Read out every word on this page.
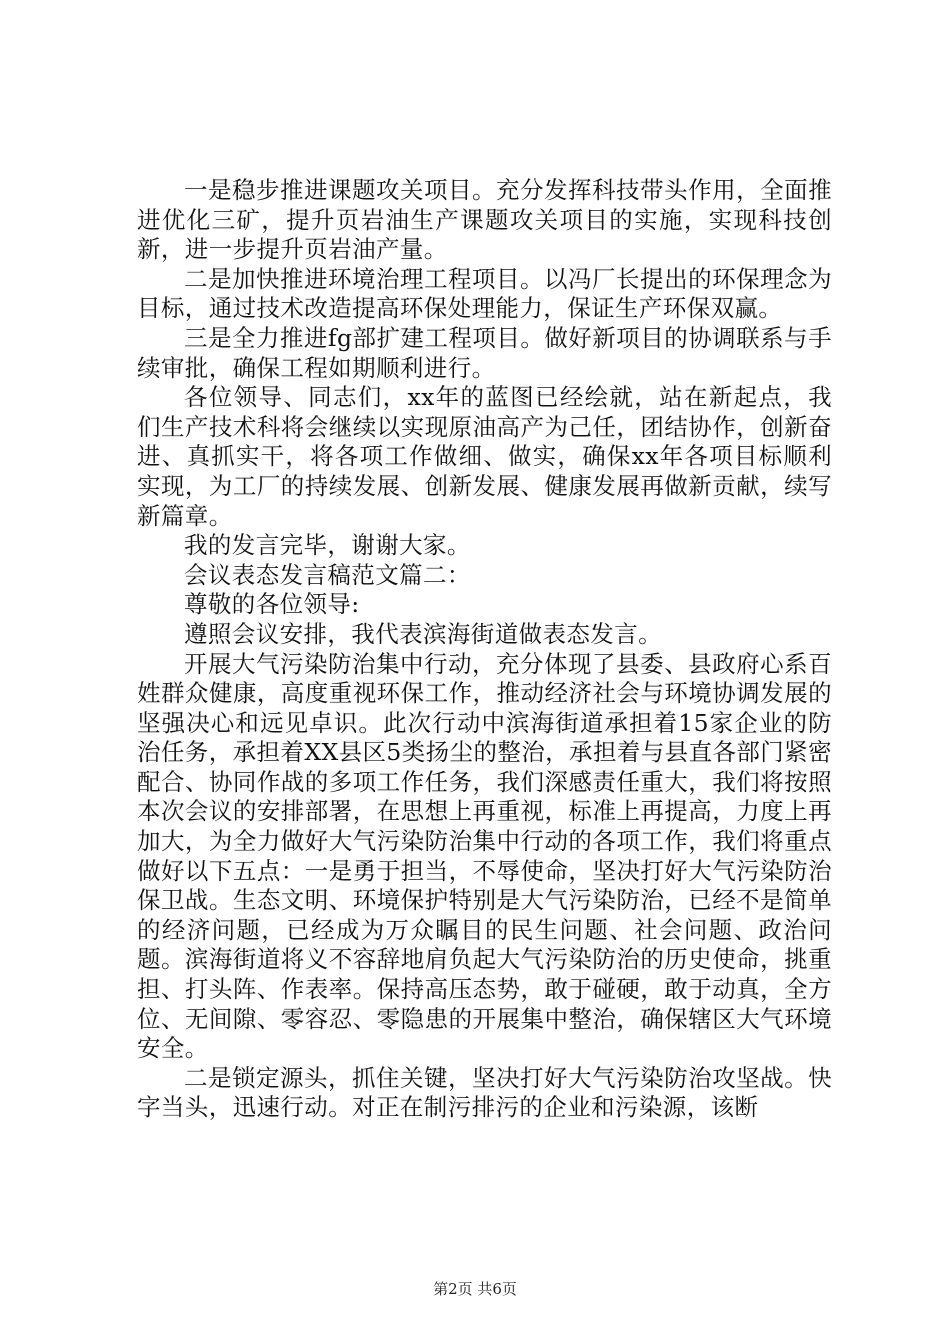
一是稳步推进课题攻关项目。充分发挥科技带头作用，全面推进优化三矿，提升页岩油生产课题攻关项目的实施，实现科技创新，进一步提升页岩油产量。

二是加快推进环境治理工程项目。以冯厂长提出的环保理念为目标，通过技术改造提高环保处理能力，保证生产环保双赢。

三是全力推进fg部扩建工程项目。做好新项目的协调联系与手续审批，确保工程如期顺利进行。

各位领导、同志们，xx年的蓝图已经绘就，站在新起点，我们生产技术科将会继续以实现原油高产为己任，团结协作，创新奋进、真抓实干，将各项工作做细、做实，确保xx年各项目标顺利实现，为工厂的持续发展、创新发展、健康发展再做新贡献，续写新篇章。

我的发言完毕，谢谢大家。

会议表态发言稿范文篇二：

尊敬的各位领导:

遵照会议安排，我代表滨海街道做表态发言。

开展大气污染防治集中行动，充分体现了县委、县政府心系百姓群众健康，高度重视环保工作，推动经济社会与环境协调发展的坚强决心和远见卓识。此次行动中滨海街道承担着15家企业的防治任务，承担着XX县区5类扬尘的整治，承担着与县直各部门紧密配合、协同作战的多项工作任务，我们深感责任重大，我们将按照本次会议的安排部署，在思想上再重视，标准上再提高，力度上再加大，为全力做好大气污染防治集中行动的各项工作，我们将重点做好以下五点：一是勇于担当，不辱使命，坚决打好大气污染防治保卫战。生态文明、环境保护特别是大气污染防治，已经不是简单的经济问题，已经成为万众瞩目的民生问题、社会问题、政治问题。滨海街道将义不容辞地肩负起大气污染防治的历史使命，挑重担、打头阵、作表率。保持高压态势，敢于碰硬，敢于动真，全方位、无间隙、零容忍、零隐患的开展集中整治，确保辖区大气环境安全。

二是锁定源头，抓住关键，坚决打好大气污染防治攻坚战。快字当头，迅速行动。对正在制污排污的企业和污染源，该断

第2页 共6页
